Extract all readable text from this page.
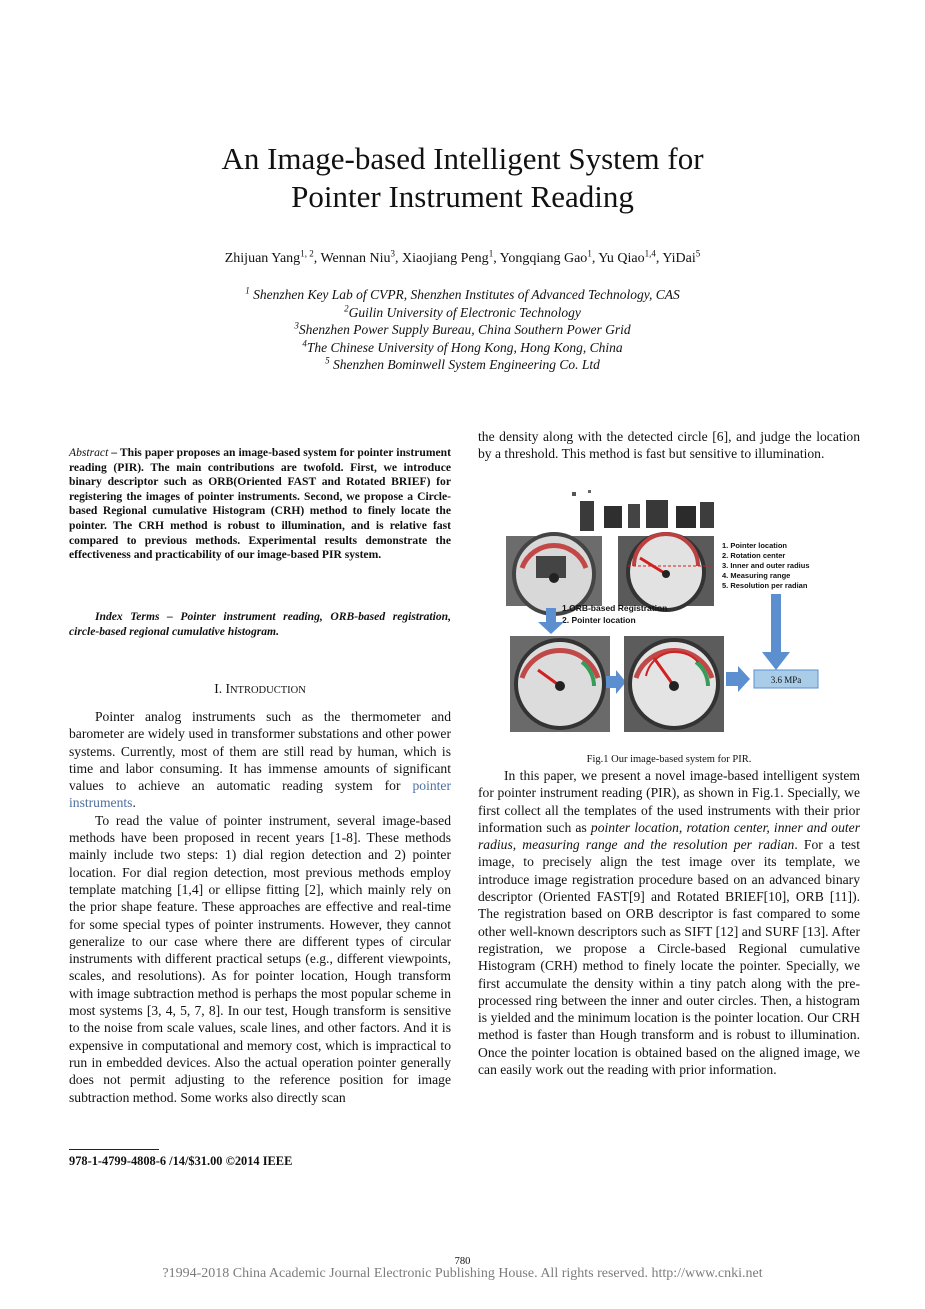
An Image-based Intelligent System for
Pointer Instrument Reading
Zhijuan Yang$^{1, 2}$, Wennan Niu$^3$, Xiaojiang Peng$^1$, Yongqiang Gao$^1$, Yu Qiao$^{1,4}$, YiDai$^5$
$^1$ Shenzhen Key Lab of CVPR, Shenzhen Institutes of Advanced Technology, CAS
$^2$Guilin University of Electronic Technology
$^3$Shenzhen Power Supply Bureau, China Southern Power Grid
$^4$The Chinese University of Hong Kong, Hong Kong, China
$^5$ Shenzhen Bominwell System Engineering Co. Ltd

Abstract – This paper proposes an image-based system for pointer instrument reading (PIR). The main contributions are twofold. First, we introduce binary descriptor such as ORB(Oriented FAST and Rotated BRIEF) for registering the images of pointer instruments. Second, we propose a Circle-based Regional cumulative Histogram (CRH) method to finely locate the pointer. The CRH method is robust to illumination, and is relative fast compared to previous methods. Experimental results demonstrate the effectiveness and practicability of our image-based PIR system.

Index Terms – Pointer instrument reading, ORB-based registration, circle-based regional cumulative histogram.

I. INTRODUCTION

Pointer analog instruments such as the thermometer and barometer are widely used in transformer substations and other power systems. Currently, most of them are still read by human, which is time and labor consuming. It has immense amounts of significant values to achieve an automatic reading system for pointer instruments.

To read the value of pointer instrument, several image-based methods have been proposed in recent years [1-8]. These methods mainly include two steps: 1) dial region detection and 2) pointer location. For dial region detection, most previous methods employ template matching [1,4] or ellipse fitting [2], which mainly rely on the prior shape feature. These approaches are effective and real-time for some special types of pointer instruments. However, they cannot generalize to our case where there are different types of circular instruments with different practical setups (e.g., different viewpoints, scales, and resolutions). As for pointer location, Hough transform with image subtraction method is perhaps the most popular scheme in most systems [3, 4, 5, 7, 8]. In our test, Hough transform is sensitive to the noise from scale values, scale lines, and other factors. And it is expensive in computational and memory cost, which is impractical to run in embedded devices. Also the actual operation pointer generally does not permit adjusting to the reference position for image subtraction method. Some works also directly scan

the density along with the detected circle [6], and judge the location by a threshold. This method is fast but sensitive to illumination.

1. Pointer location
2. Rotation center
3. Inner and outer radius
4. Measuring range
5. Resolution per radian
1.ORB-based Registration
2. Pointer location
3.6 MPa
Fig.1 Our image-based system for PIR.

In this paper, we present a novel image-based intelligent system for pointer instrument reading (PIR), as shown in Fig.1. Specially, we first collect all the templates of the used instruments with their prior information such as pointer location, rotation center, inner and outer radius, measuring range and the resolution per radian. For a test image, to precisely align the test image over its template, we introduce image registration procedure based on an advanced binary descriptor (Oriented FAST[9] and Rotated BRIEF[10], ORB [11]). The registration based on ORB descriptor is fast compared to some other well-known descriptors such as SIFT [12] and SURF [13]. After registration, we propose a Circle-based Regional cumulative Histogram (CRH) method to finely locate the pointer. Specially, we first accumulate the density within a tiny patch along with the pre-processed ring between the inner and outer circles. Then, a histogram is yielded and the minimum location is the pointer location. Our CRH method is faster than Hough transform and is robust to illumination. Once the pointer location is obtained based on the aligned image, we can easily work out the reading with prior information.

978-1-4799-4808-6 /14/$31.00 ©2014 IEEE
780
?1994-2018 China Academic Journal Electronic Publishing House. All rights reserved. http://www.cnki.net
